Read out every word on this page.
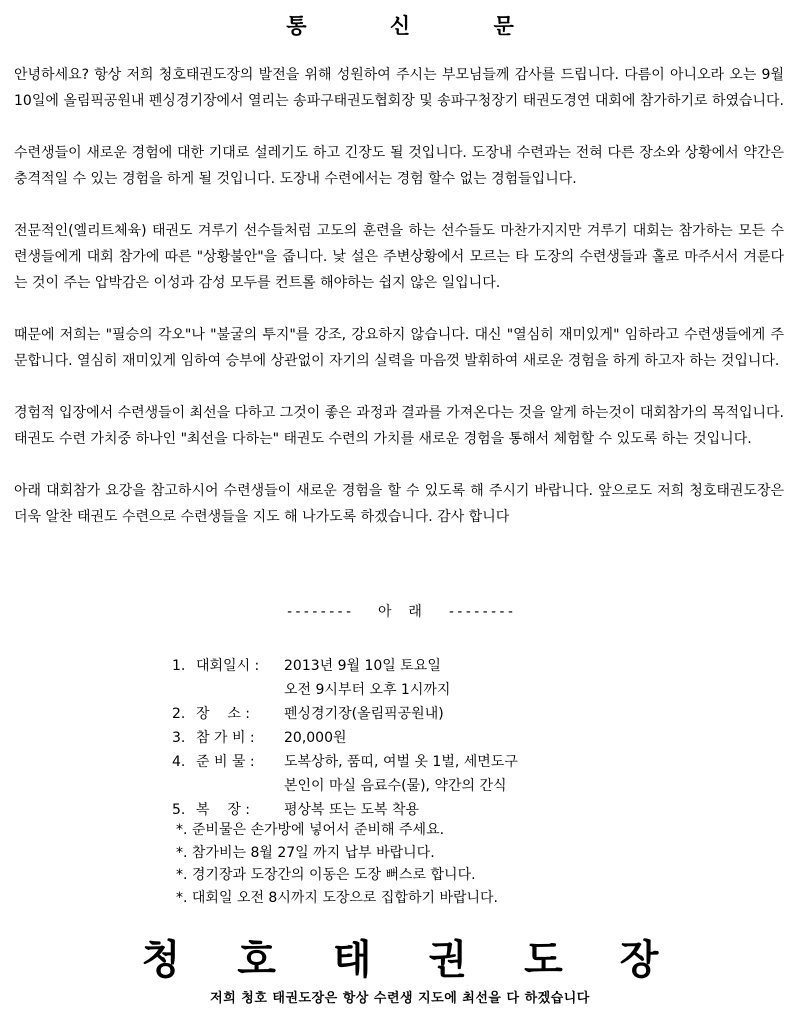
통 신 문

안녕하세요? 항상 저희 청호태권도장의 발전을 위해 성원하여 주시는 부모님들께 감사를 드립니다. 다름이 아니오라 오는 9월 10일에 올림픽공원내 펜싱경기장에서 열리는 송파구태권도협회장 및 송파구청장기 태권도경연 대회에 참가하기로 하였습니다.

수련생들이 새로운 경험에 대한 기대로 설레기도 하고 긴장도 될 것입니다. 도장내 수련과는 전혀 다른 장소와 상황에서 약간은 충격적일 수 있는 경험을 하게 될 것입니다. 도장내 수련에서는 경험 할수 없는 경험들입니다.

전문적인(엘리트체육) 태권도 겨루기 선수들처럼 고도의 훈련을 하는 선수들도 마찬가지지만 겨루기 대회는 참가하는 모든 수련생들에게 대회 참가에 따른 "상황불안"을 줍니다. 낯 설은 주변상황에서 모르는 타 도장의 수련생들과 홀로 마주서서 겨룬다는 것이 주는 압박감은 이성과 감성 모두를 컨트롤 해야하는 쉽지 않은 일입니다.

때문에 저희는 "필승의 각오"나 "불굴의 투지"를 강조, 강요하지 않습니다. 대신 "열심히 재미있게" 임하라고 수련생들에게 주문합니다. 열심히 재미있게 임하여 승부에 상관없이 자기의 실력을 마음껏 발휘하여 새로운 경험을 하게 하고자 하는 것입니다.

경험적 입장에서 수련생들이 최선을 다하고 그것이 좋은 과정과 결과를 가져온다는 것을 알게 하는것이 대회참가의 목적입니다. 태권도 수련 가치중 하나인 "최선을 다하는" 태권도 수련의 가치를 새로운 경험을 통해서 체험할 수 있도록 하는 것입니다.

아래 대회참가 요강을 참고하시어 수련생들이 새로운 경험을 할 수 있도록 해 주시기 바랍니다. 앞으로도 저희 청호태권도장은 더욱 알찬 태권도 수련으로 수련생들을 지도 해 나가도록 하겠습니다. 감사 합니다

--------   아  래   --------
1. 대회일시 :	2013년 9월 10일 토요일
오전 9시부터 오후 1시까지
2. 장    소 :	펜싱경기장(올림픽공원내)
3. 참 가 비 :	20,000원
4. 준 비 물 :	도복상하, 품띠, 여벌 옷 1벌, 세면도구
본인이 마실 음료수(물), 약간의 간식
5. 복    장 :	평상복 또는 도복 착용
*. 준비물은 손가방에 넣어서 준비해 주세요.
*. 참가비는 8월 27일 까지 납부 바랍니다.
*. 경기장과 도장간의 이동은 도장 뻐스로 합니다.
*. 대회일 오전 8시까지 도장으로 집합하기 바랍니다.
청호태권도장
저희 청호 태권도장은 항상 수련생 지도에 최선을 다 하겠습니다
